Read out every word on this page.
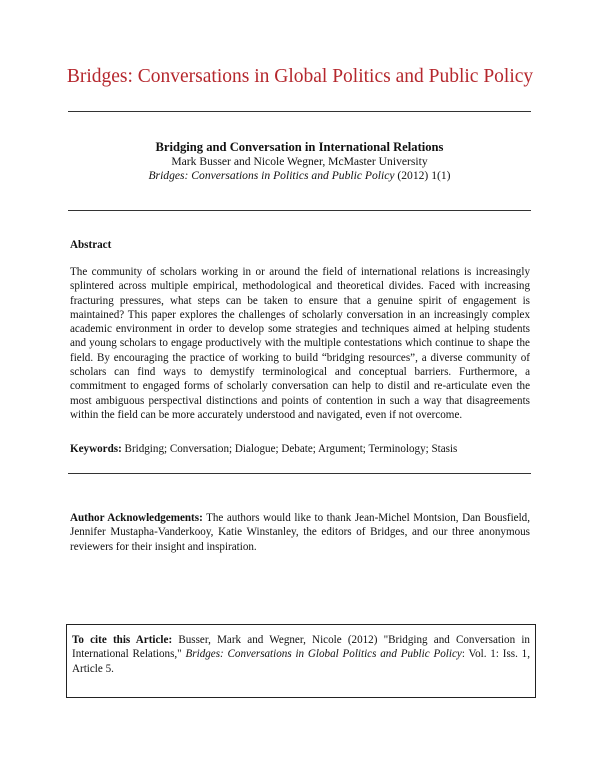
Bridges: Conversations in Global Politics and Public Policy
Bridging and Conversation in International Relations
Mark Busser and Nicole Wegner, McMaster University
Bridges: Conversations in Politics and Public Policy (2012) 1(1)
Abstract
The community of scholars working in or around the field of international relations is increasingly splintered across multiple empirical, methodological and theoretical divides. Faced with increasing fracturing pressures, what steps can be taken to ensure that a genuine spirit of engagement is maintained? This paper explores the challenges of scholarly conversation in an increasingly complex academic environment in order to develop some strategies and techniques aimed at helping students and young scholars to engage productively with the multiple contestations which continue to shape the field. By encouraging the practice of working to build “bridging resources”, a diverse community of scholars can find ways to demystify terminological and conceptual barriers. Furthermore, a commitment to engaged forms of scholarly conversation can help to distil and re-articulate even the most ambiguous perspectival distinctions and points of contention in such a way that disagreements within the field can be more accurately understood and navigated, even if not overcome.
Keywords: Bridging; Conversation; Dialogue; Debate; Argument; Terminology; Stasis
Author Acknowledgements: The authors would like to thank Jean-Michel Montsion, Dan Bousfield, Jennifer Mustapha-Vanderkooy, Katie Winstanley, the editors of Bridges, and our three anonymous reviewers for their insight and inspiration.
To cite this Article: Busser, Mark and Wegner, Nicole (2012) "Bridging and Conversation in International Relations," Bridges: Conversations in Global Politics and Public Policy: Vol. 1: Iss. 1, Article 5.
